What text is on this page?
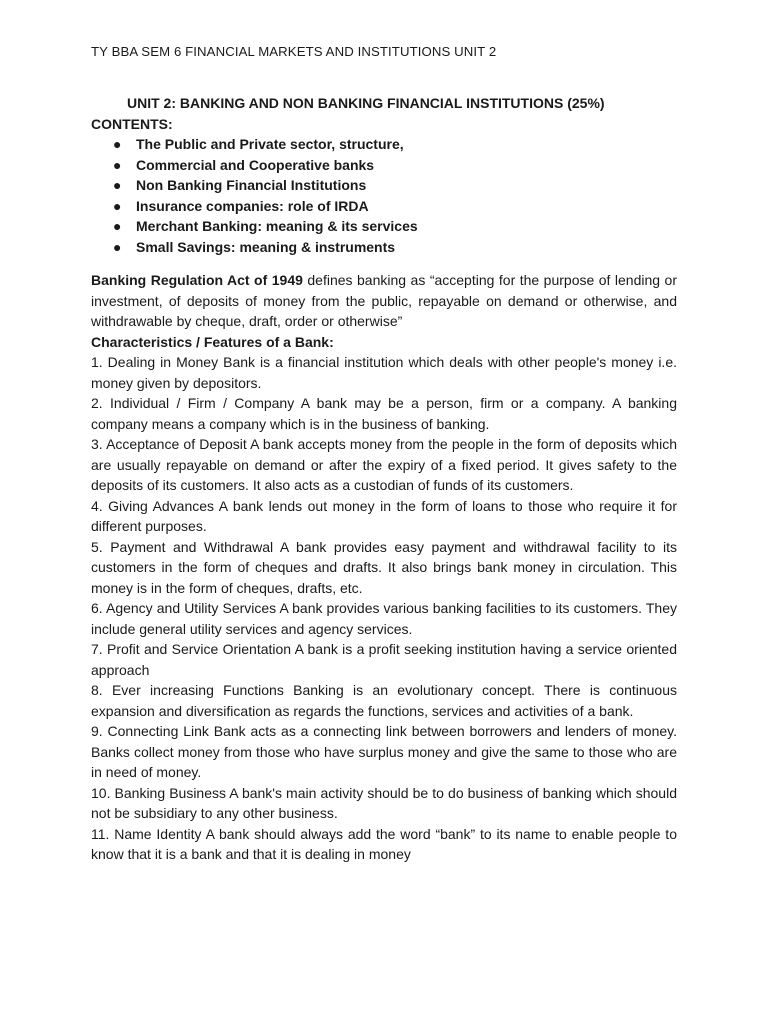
TY BBA SEM 6 FINANCIAL MARKETS AND INSTITUTIONS UNIT 2

UNIT 2: BANKING AND NON BANKING FINANCIAL INSTITUTIONS (25%)

CONTENTS:

● The Public and Private sector, structure,
● Commercial and Cooperative banks
● Non Banking Financial Institutions
● Insurance companies: role of IRDA
● Merchant Banking: meaning & its services
● Small Savings: meaning & instruments

Banking Regulation Act of 1949 defines banking as “accepting for the purpose of lending or investment, of deposits of money from the public, repayable on demand or otherwise, and withdrawable by cheque, draft, order or otherwise”

Characteristics / Features of a Bank:

1. Dealing in Money Bank is a financial institution which deals with other people's money i.e. money given by depositors.

2. Individual / Firm / Company A bank may be a person, firm or a company. A banking company means a company which is in the business of banking.

3. Acceptance of Deposit A bank accepts money from the people in the form of deposits which are usually repayable on demand or after the expiry of a fixed period. It gives safety to the deposits of its customers. It also acts as a custodian of funds of its customers.

4. Giving Advances A bank lends out money in the form of loans to those who require it for different purposes.

5. Payment and Withdrawal A bank provides easy payment and withdrawal facility to its customers in the form of cheques and drafts. It also brings bank money in circulation. This money is in the form of cheques, drafts, etc.

6. Agency and Utility Services A bank provides various banking facilities to its customers. They include general utility services and agency services.

7. Profit and Service Orientation A bank is a profit seeking institution having a service oriented approach

8. Ever increasing Functions Banking is an evolutionary concept. There is continuous expansion and diversification as regards the functions, services and activities of a bank.

9. Connecting Link Bank acts as a connecting link between borrowers and lenders of money. Banks collect money from those who have surplus money and give the same to those who are in need of money.

10. Banking Business A bank's main activity should be to do business of banking which should not be subsidiary to any other business.

11. Name Identity A bank should always add the word “bank” to its name to enable people to know that it is a bank and that it is dealing in money
